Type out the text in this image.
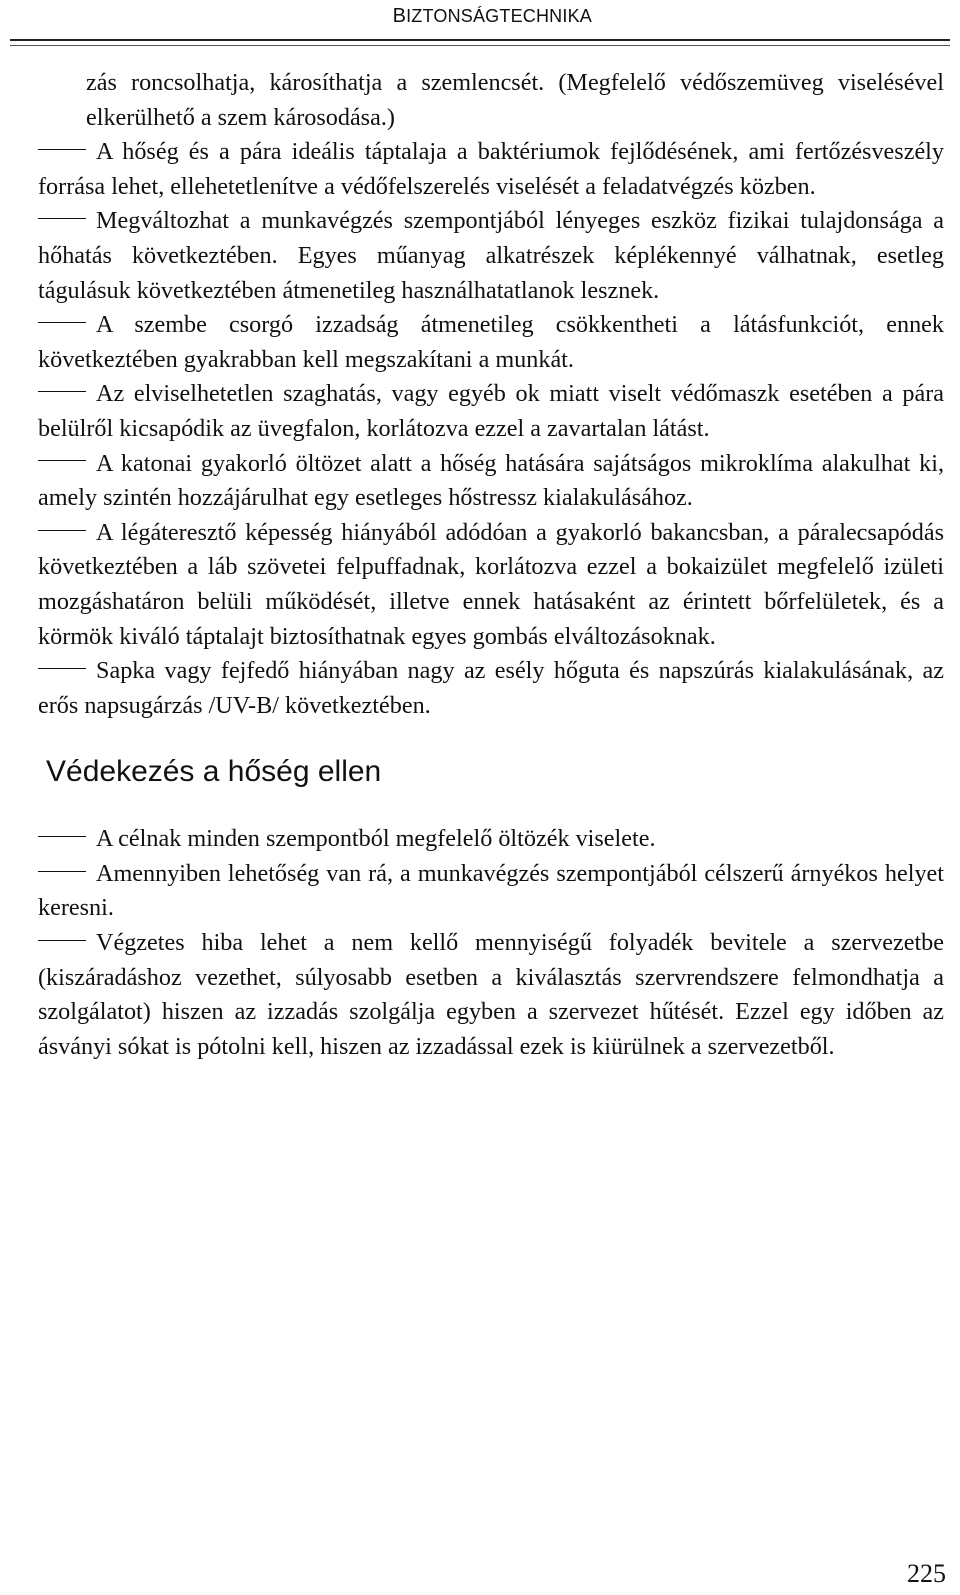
BIZTONSÁGTECHNIKA

zás roncsolhatja, károsíthatja a szemlencsét. (Megfelelő védőszemüveg viselésével elkerülhető a szem károsodása.)

A hőség és a pára ideális táptalaja a baktériumok fejlődésének, ami fertőzésveszély forrása lehet, ellehetetlenítve a védőfelszerelés viselését a feladatvégzés közben.

Megváltozhat a munkavégzés szempontjából lényeges eszköz fizikai tulajdonsága a hőhatás következtében. Egyes műanyag alkatrészek képlékennyé válhatnak, esetleg tágulásuk következtében átmenetileg használhatatlanok lesznek.

A szembe csorgó izzadság átmenetileg csökkentheti a látásfunkciót, ennek következtében gyakrabban kell megszakítani a munkát.

Az elviselhetetlen szaghatás, vagy egyéb ok miatt viselt védőmaszk esetében a pára belülről kicsapódik az üvegfalon, korlátozva ezzel a zavartalan látást.

A katonai gyakorló öltözet alatt a hőség hatására sajátságos mikroklíma alakulhat ki, amely szintén hozzájárulhat egy esetleges hőstressz kialakulásához.

A légáteresztő képesség hiányából adódóan a gyakorló bakancsban, a páralecsapódás következtében a láb szövetei felpuffadnak, korlátozva ezzel a bokaizület megfelelő izületi mozgáshatáron belüli működését, illetve ennek hatásaként az érintett bőrfelületek, és a körmök kiváló táptalajt biztosíthatnak egyes gombás elváltozásoknak.

Sapka vagy fejfedő hiányában nagy az esély hőguta és napszúrás kialakulásának, az erős napsugárzás /UV-B/ következtében.

Védekezés a hőség ellen

A célnak minden szempontból megfelelő öltözék viselete.

Amennyiben lehetőség van rá, a munkavégzés szempontjából célszerű árnyékos helyet keresni.

Végzetes hiba lehet a nem kellő mennyiségű folyadék bevitele a szervezetbe (kiszáradáshoz vezethet, súlyosabb esetben a kiválasztás szervrendszere felmondhatja a szolgálatot) hiszen az izzadás szolgálja egyben a szervezet hűtését. Ezzel egy időben az ásványi sókat is pótolni kell, hiszen az izzadással ezek is kiürülnek a szervezetből.

225
